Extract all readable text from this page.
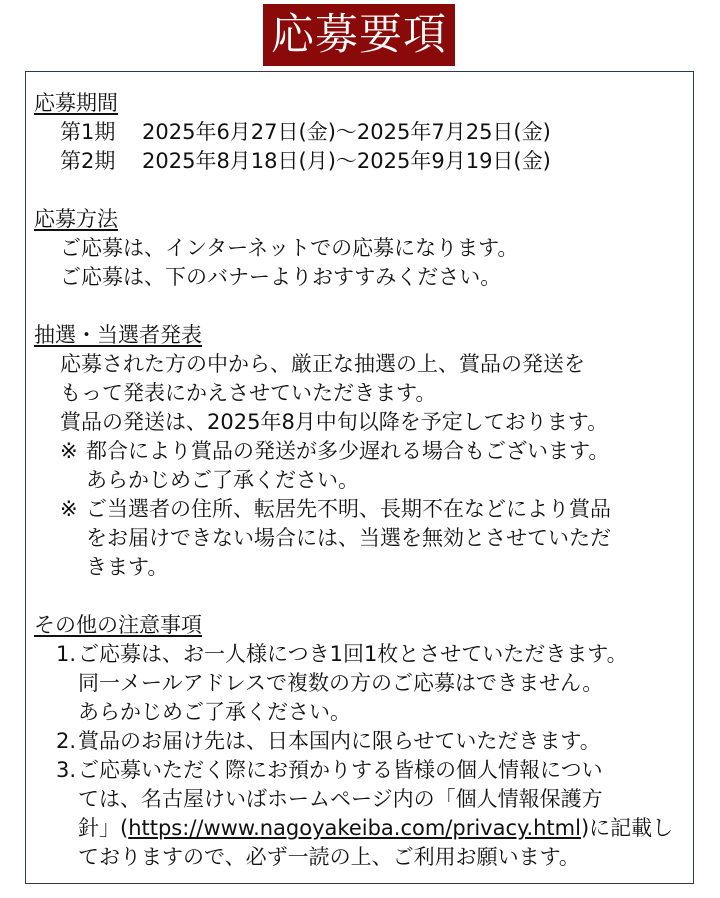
応募要項
応募期間
第1期 2025年6月27日(金)〜2025年7月25日(金)
第2期 2025年8月18日(月)〜2025年9月19日(金)
応募方法
ご応募は、インターネットでの応募になります。
ご応募は、下のバナーよりおすすみください。
抽選・当選者発表
応募された方の中から、厳正な抽選の上、賞品の発送を
もって発表にかえさせていただきます。
賞品の発送は、2025年8月中旬以降を予定しております。
※ 都合により賞品の発送が多少遅れる場合もございます。
あらかじめご了承ください。
※ ご当選者の住所、転居先不明、長期不在などにより賞品
をお届けできない場合には、当選を無効とさせていただ
きます。
その他の注意事項
1. ご応募は、お一人様につき1回1枚とさせていただきます。
同一メールアドレスで複数の方のご応募はできません。
あらかじめご了承ください。
2. 賞品のお届け先は、日本国内に限らせていただきます。
3. ご応募いただく際にお預かりする皆様の個人情報につい
ては、名古屋けいばホームページ内の「個人情報保護方
針」(https://www.nagoyakeiba.com/privacy.html)に記載し
ておりますので、必ず一読の上、ご利用お願います。
